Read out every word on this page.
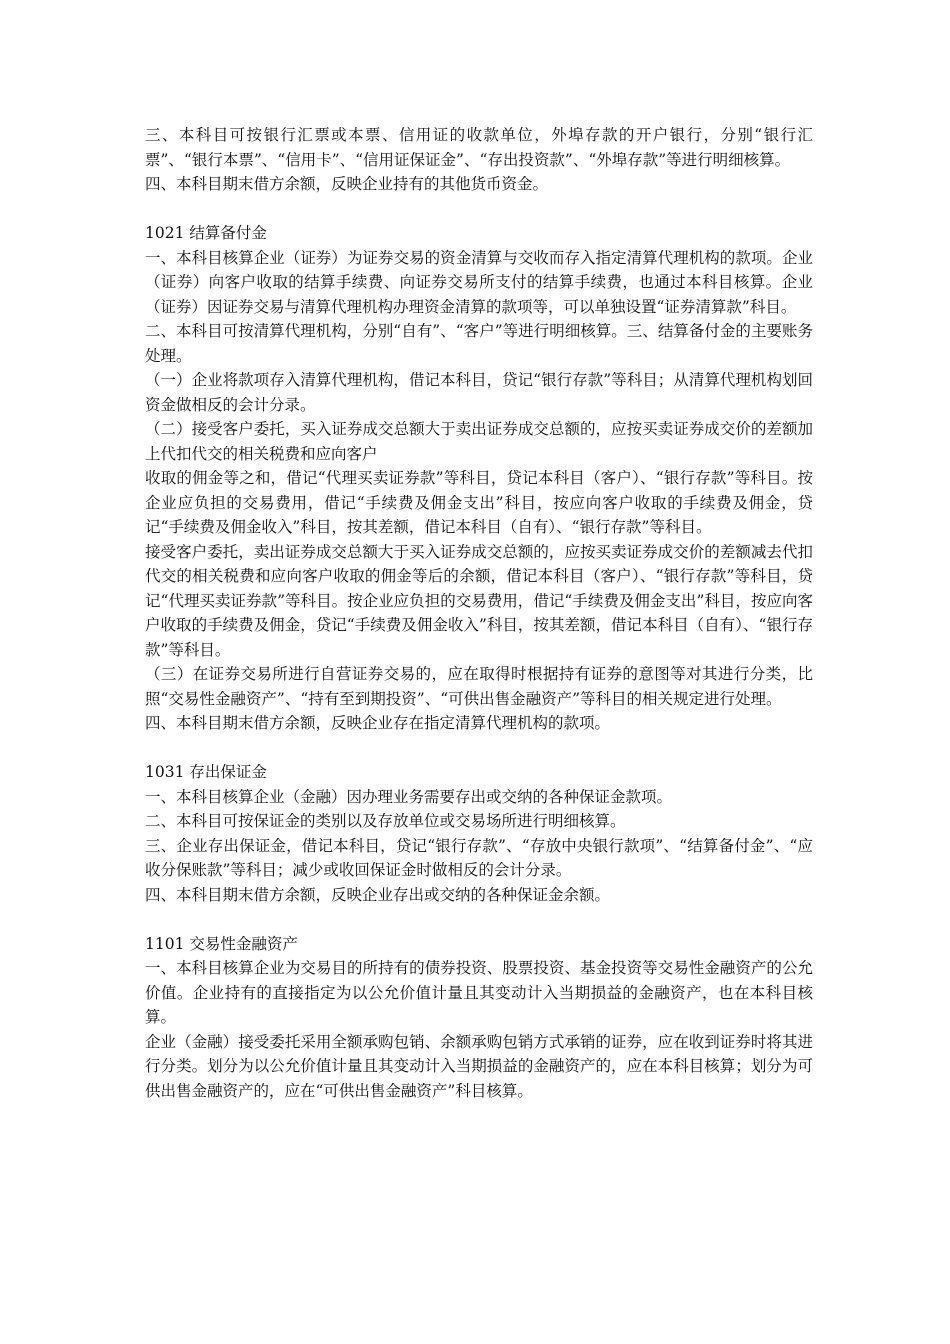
三、本科目可按银行汇票或本票、信用证的收款单位，外埠存款的开户银行，分别“银行汇票”、“银行本票”、“信用卡”、“信用证保证金”、“存出投资款”、“外埠存款”等进行明细核算。

四、本科目期末借方余额，反映企业持有的其他货币资金。

1021 结算备付金

一、本科目核算企业（证券）为证券交易的资金清算与交收而存入指定清算代理机构的款项。企业（证券）向客户收取的结算手续费、向证券交易所支付的结算手续费，也通过本科目核算。企业（证券）因证券交易与清算代理机构办理资金清算的款项等，可以单独设置“证券清算款”科目。

二、本科目可按清算代理机构，分别“自有”、“客户”等进行明细核算。三、结算备付金的主要账务处理。

（一）企业将款项存入清算代理机构，借记本科目，贷记“银行存款”等科目；从清算代理机构划回资金做相反的会计分录。

（二）接受客户委托，买入证券成交总额大于卖出证券成交总额的，应按买卖证券成交价的差额加上代扣代交的相关税费和应向客户

收取的佣金等之和，借记“代理买卖证券款”等科目，贷记本科目（客户）、“银行存款”等科目。按企业应负担的交易费用，借记“手续费及佣金支出”科目，按应向客户收取的手续费及佣金，贷记“手续费及佣金收入”科目，按其差额，借记本科目（自有）、“银行存款”等科目。

接受客户委托，卖出证券成交总额大于买入证券成交总额的，应按买卖证券成交价的差额减去代扣代交的相关税费和应向客户收取的佣金等后的余额，借记本科目（客户）、“银行存款”等科目，贷记“代理买卖证券款”等科目。按企业应负担的交易费用，借记“手续费及佣金支出”科目，按应向客户收取的手续费及佣金，贷记“手续费及佣金收入”科目，按其差额，借记本科目（自有）、“银行存款”等科目。

（三）在证券交易所进行自营证券交易的，应在取得时根据持有证券的意图等对其进行分类，比照“交易性金融资产”、“持有至到期投资”、“可供出售金融资产”等科目的相关规定进行处理。

四、本科目期末借方余额，反映企业存在指定清算代理机构的款项。

1031 存出保证金

一、本科目核算企业（金融）因办理业务需要存出或交纳的各种保证金款项。

二、本科目可按保证金的类别以及存放单位或交易场所进行明细核算。

三、企业存出保证金，借记本科目，贷记“银行存款”、“存放中央银行款项”、“结算备付金”、“应收分保账款”等科目；减少或收回保证金时做相反的会计分录。

四、本科目期末借方余额，反映企业存出或交纳的各种保证金余额。

1101 交易性金融资产

一、本科目核算企业为交易目的所持有的债券投资、股票投资、基金投资等交易性金融资产的公允价值。企业持有的直接指定为以公允价值计量且其变动计入当期损益的金融资产，也在本科目核算。

企业（金融）接受委托采用全额承购包销、余额承购包销方式承销的证券，应在收到证券时将其进行分类。划分为以公允价值计量且其变动计入当期损益的金融资产的，应在本科目核算；划分为可供出售金融资产的，应在“可供出售金融资产”科目核算。
